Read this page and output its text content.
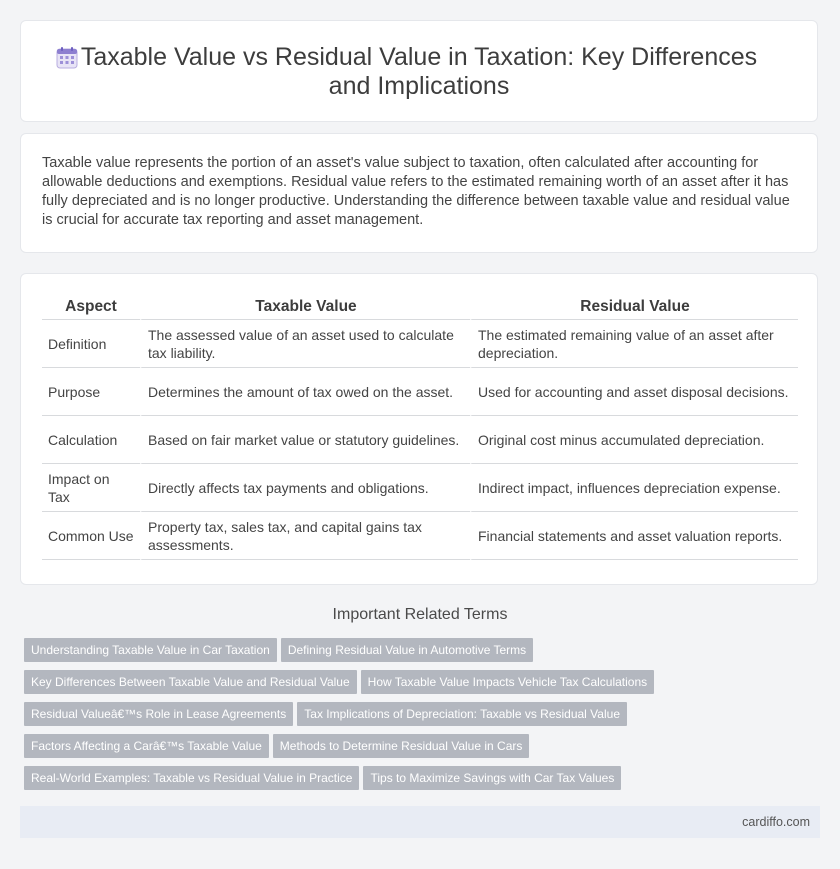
Taxable Value vs Residual Value in Taxation: Key Differences and Implications

Taxable value represents the portion of an asset's value subject to taxation, often calculated after accounting for allowable deductions and exemptions. Residual value refers to the estimated remaining worth of an asset after it has fully depreciated and is no longer productive. Understanding the difference between taxable value and residual value is crucial for accurate tax reporting and asset management.

Aspect	Taxable Value	Residual Value
Definition	The assessed value of an asset used to calculate tax liability.	The estimated remaining value of an asset after depreciation.
Purpose	Determines the amount of tax owed on the asset.	Used for accounting and asset disposal decisions.
Calculation	Based on fair market value or statutory guidelines.	Original cost minus accumulated depreciation.
Impact on Tax	Directly affects tax payments and obligations.	Indirect impact, influences depreciation expense.
Common Use	Property tax, sales tax, and capital gains tax assessments.	Financial statements and asset valuation reports.
Important Related Terms
Understanding Taxable Value in Car Taxation Defining Residual Value in Automotive Terms
Key Differences Between Taxable Value and Residual Value How Taxable Value Impacts Vehicle Tax Calculations
Residual Valueâ€™s Role in Lease Agreements Tax Implications of Depreciation: Taxable vs Residual Value
Factors Affecting a Carâ€™s Taxable Value Methods to Determine Residual Value in Cars
Real-World Examples: Taxable vs Residual Value in Practice Tips to Maximize Savings with Car Tax Values
cardiffo.com
